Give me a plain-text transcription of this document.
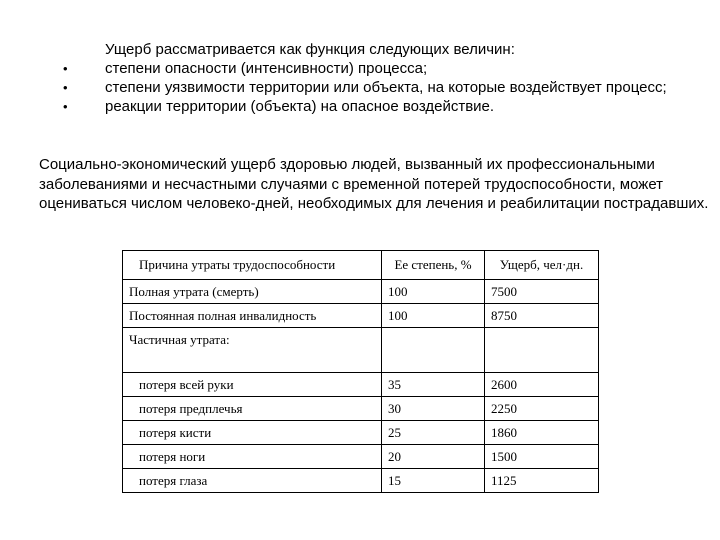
Ущерб рассматривается как функция следующих величин:
• степени опасности (интенсивности) процесса;
• степени уязвимости территории или объекта, на которые воздействует процесс;
• реакции территории (объекта) на опасное воздействие.
Социально-экономический ущерб здоровью людей, вызванный их профессиональными заболеваниями и несчастными случаями с временной потерей трудоспособности, может оцениваться числом человеко-дней, необходимых для лечения и реабилитации пострадавших.
Причина утраты трудоспособности	Ее степень, %	Ущерб, чел·дн.
Полная утрата (смерть)	100	7500
Постоянная полная инвалидность	100	8750
Частичная утрата:		
потеря всей руки	35	2600
потеря предплечья	30	2250
потеря кисти	25	1860
потеря ноги	20	1500
потеря глаза	15	1125
